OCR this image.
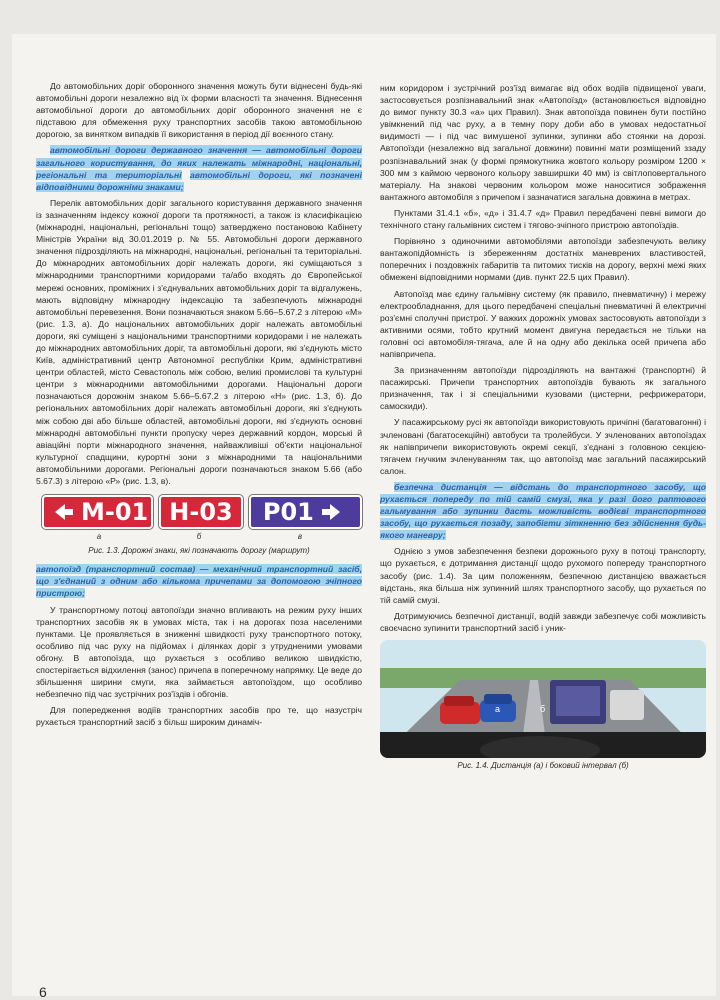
До автомобільних доріг оборонного значення можуть бути віднесені будь-які автомобільні дороги незалежно від їх форми власності та значення. Віднесення автомобільної дороги до автомобільних доріг оборонного значення не є підставою для обмеження руху транспортних засобів такою автомобільною дорогою, за винятком випадків її використання в період дії воєнного стану.

автомобільні дороги державного значення — автомобільні дороги загального користування, до яких належать міжнародні, національні, регіональні та територіальні автомобільні дороги, які позначені відповідними дорожніми знаками;

Перелік автомобільних доріг загального користування державного значення із зазначенням індексу кожної дороги та протяжності, а також із класифікацією (міжнародні, національні, регіональні тощо) затверджено постановою Кабінету Міністрів України від 30.01.2019 р. № 55. Автомобільні дороги державного значення підрозділяють на міжнародні, національні, регіональні та територіальні. До міжнародних автомобільних доріг належать дороги, які суміщаються з міжнародними транспортними коридорами та/або входять до Європейської мережі основних, проміжних і з'єднувальних автомобільних доріг та відгалужень, мають відповідну міжнародну індексацію та забезпечують міжнародні автомобільні перевезення. Вони позначаються знаком 5.66–5.67.2 з літерою «М» (рис. 1.3, а). До національних автомобільних доріг належать автомобільні дороги, які суміщені з національними транспортними коридорами і не належать до міжнародних автомобільних доріг, та автомобільні дороги, які з'єднують місто Київ, адміністративний центр Автономної республіки Крим, адміністративні центри областей, місто Севастополь між собою, великі промислові та культурні центри з міжнародними автомобільними дорогами. Національні дороги позначаються дорожнім знаком 5.66–5.67.2 з літерою «Н» (рис. 1.3, б). До регіональних автомобільних доріг належать автомобільні дороги, які з'єднують між собою дві або більше областей, автомобільні дороги, які з'єднують основні міжнародні автомобільні пункти пропуску через державний кордон, морські й авіаційні порти міжнародного значення, найважливіші об'єкти національної культурної спадщини, курортні зони з міжнародними та національними автомобільними дорогами. Регіональні дороги позначаються знаком 5.66 (або 5.67.3) з літерою «Р» (рис. 1.3, в).

М-01 Н-03 Р01
а	б	в
Рис. 1.3. Дорожні знаки, які позначають дорогу (маршрут)

автопоїзд (транспортний состав) — механічний транспортний засіб, що з'єднаний з одним або кількома причепами за допомогою зчіпного пристрою;

У транспортному потоці автопоїзди значно впливають на режим руху інших транспортних засобів як в умовах міста, так і на дорогах поза населеними пунктами. Це проявляється в зниженні швидкості руху транспортного потоку, особливо під час руху на підйомах і ділянках доріг з утрудненими умовами обгону. В автопоїзда, що рухається з особливо великою швидкістю, спостерігається відхилення (занос) причепа в поперечному напрямку. Це веде до збільшення ширини смуги, яка займається автопоїздом, що особливо небезпечно під час зустрічних роз'їздів і обгонів.

Для попередження водіїв транспортних засобів про те, що назустріч рухається транспортний засіб з більш широким динаміч-

ним коридором і зустрічний роз'їзд вимагає від обох водіїв підвищеної уваги, застосовується розпізнавальний знак «Автопоїзд» (встановлюється відповідно до вимог пункту 30.3 «а» цих Правил). Знак автопоїзда повинен бути постійно увімкнений під час руху, а в темну пору доби або в умовах недостатньої видимості — і під час вимушеної зупинки, зупинки або стоянки на дорозі. Автопоїзди (незалежно від загальної довжини) повинні мати розміщений ззаду розпізнавальний знак (у формі прямокутника жовтого кольору розміром 1200 × 300 мм з каймою червоного кольору завширшки 40 мм) із світлоповертального матеріалу. На знакові червоним кольором може наноситися зображення вантажного автомобіля з причепом і зазначатися загальна довжина в метрах.

Пунктами 31.4.1 «б», «д» і 31.4.7 «д» Правил передбачені певні вимоги до технічного стану гальмівних систем і тягово-зчіпного пристрою автопоїздів.

Порівняно з одиночними автомобілями автопоїзди забезпечують велику вантажопідйомність із збереженням достатніх маневрених властивостей, поперечних і поздовжніх габаритів та питомих тисків на дорогу, верхні межі яких обмежені відповідними нормами (див. пункт 22.5 цих Правил).

Автопоїзд має єдину гальмівну систему (як правило, пневматичну) і мережу електрообладнання, для цього передбачені спеціальні пневматичні й електричні роз'ємні сполучні пристрої. У важких дорожніх умовах застосовують автопоїзди з активними осями, тобто крутний момент двигуна передається не тільки на головні осі автомобіля-тягача, але й на одну або декілька осей причепа або напівпричепа.

За призначенням автопоїзди підрозділяють на вантажні (транспортні) й пасажирські. Причепи транспортних автопоїздів бувають як загального призначення, так і зі спеціальними кузовами (цистерни, рефрижератори, самоскиди).

У пасажирському русі як автопоїзди використовують причіпні (багатовагонні) і зчленовані (багатосекційні) автобуси та тролейбуси. У зчленованих автопоїздах як напівпричепи використовують окремі секції, з'єднані з головною секцією-тягачем гнучким зчленуванням так, що автопоїзд має загальний пасажирський салон.

безпечна дистанція — відстань до транспортного засобу, що рухається попереду по тій самій смузі, яка у разі його раптового гальмування або зупинки дасть можливість водієві транспортного засобу, що рухається позаду, запобігти зіткненню без здійснення будь-якого маневру;

Однією з умов забезпечення безпеки дорожнього руху в потоці транспорту, що рухається, є дотримання дистанції щодо рухомого попереду транспортного засобу (рис. 1.4). За цим положенням, безпечною дистанцією вважається відстань, яка більша ніж зупинний шлях транспортного засобу, що рухається по тій самій смузі.

Дотримуючись безпечної дистанції, водій завжди забезпечує собі можливість своєчасно зупинити транспортний засіб і уник-

а	б
Рис. 1.4. Дистанція (а) і боковий інтервал (б)
6
